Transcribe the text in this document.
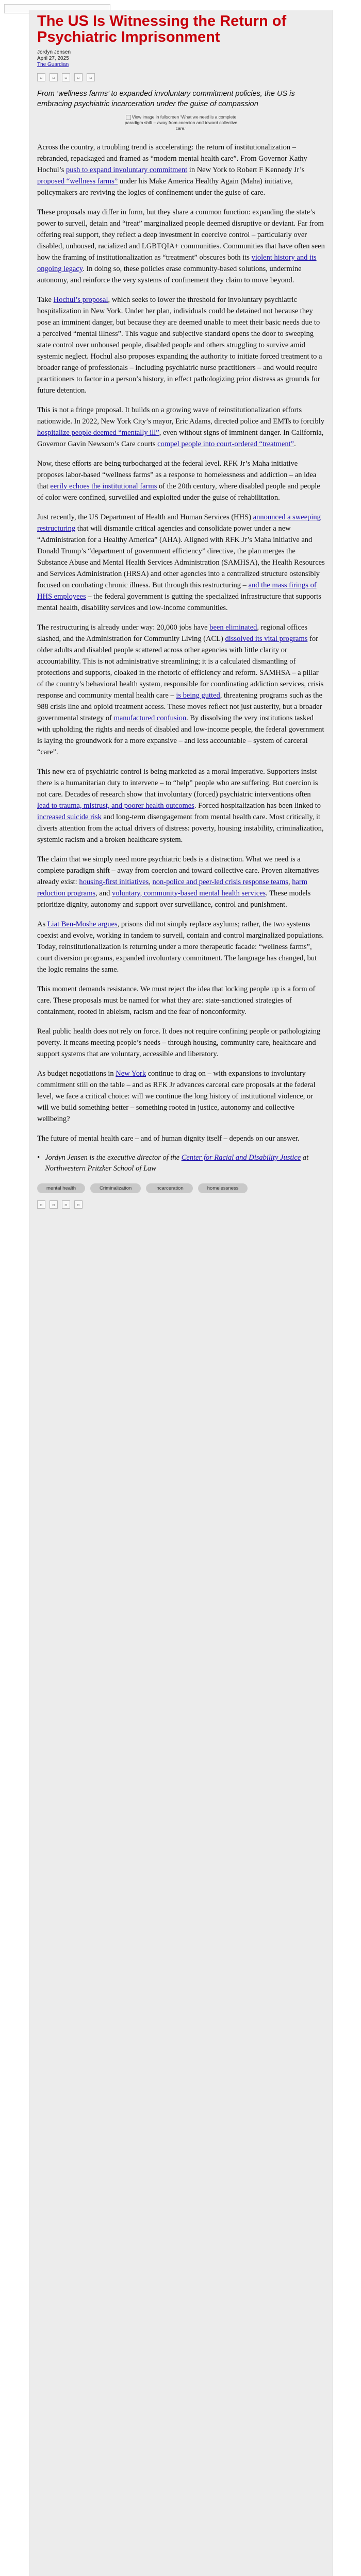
The US Is Witnessing the Return of Psychiatric Imprisonment
Jordyn Jensen
April 27, 2025
The Guardian
▫	▫	▫	▫	▫

From ‘wellness farms’ to expanded involuntary commitment policies, the US is embracing psychiatric incarceration under the guise of compassion

View image in fullscreen ‘What we need is a complete paradigm shift – away from coercion and toward collective care.’

Across the country, a troubling trend is accelerating: the return of institutionalization – rebranded, repackaged and framed as “modern mental health care”. From Governor Kathy Hochul’s push to expand involuntary commitment in New York to Robert F Kennedy Jr’s proposed “wellness farms” under his Make America Healthy Again (Maha) initiative, policymakers are reviving the logics of confinement under the guise of care.

These proposals may differ in form, but they share a common function: expanding the state’s power to surveil, detain and “treat” marginalized people deemed disruptive or deviant. Far from offering real support, they reflect a deep investment in coercive control – particularly over disabled, unhoused, racialized and LGBTQIA+ communities. Communities that have often seen how the framing of institutionalization as “treatment” obscures both its violent history and its ongoing legacy. In doing so, these policies erase community-based solutions, undermine autonomy, and reinforce the very systems of confinement they claim to move beyond.

Take Hochul’s proposal, which seeks to lower the threshold for involuntary psychiatric hospitalization in New York. Under her plan, individuals could be detained not because they pose an imminent danger, but because they are deemed unable to meet their basic needs due to a perceived “mental illness”. This vague and subjective standard opens the door to sweeping state control over unhoused people, disabled people and others struggling to survive amid systemic neglect. Hochul also proposes expanding the authority to initiate forced treatment to a broader range of professionals – including psychiatric nurse practitioners – and would require practitioners to factor in a person’s history, in effect pathologizing prior distress as grounds for future detention.

This is not a fringe proposal. It builds on a growing wave of reinstitutionalization efforts nationwide. In 2022, New York City’s mayor, Eric Adams, directed police and EMTs to forcibly hospitalize people deemed “mentally ill”, even without signs of imminent danger. In California, Governor Gavin Newsom’s Care courts compel people into court-ordered “treatment”.

Now, these efforts are being turbocharged at the federal level. RFK Jr’s Maha initiative proposes labor-based “wellness farms” as a response to homelessness and addiction – an idea that eerily echoes the institutional farms of the 20th century, where disabled people and people of color were confined, surveilled and exploited under the guise of rehabilitation.

Just recently, the US Department of Health and Human Services (HHS) announced a sweeping restructuring that will dismantle critical agencies and consolidate power under a new “Administration for a Healthy America” (AHA). Aligned with RFK Jr’s Maha initiative and Donald Trump’s “department of government efficiency” directive, the plan merges the Substance Abuse and Mental Health Services Administration (SAMHSA), the Health Resources and Services Administration (HRSA) and other agencies into a centralized structure ostensibly focused on combating chronic illness. But through this restructuring – and the mass firings of HHS employees – the federal government is gutting the specialized infrastructure that supports mental health, disability services and low-income communities.

The restructuring is already under way: 20,000 jobs have been eliminated, regional offices slashed, and the Administration for Community Living (ACL) dissolved its vital programs for older adults and disabled people scattered across other agencies with little clarity or accountability. This is not administrative streamlining; it is a calculated dismantling of protections and supports, cloaked in the rhetoric of efficiency and reform. SAMHSA – a pillar of the country’s behavioral health system, responsible for coordinating addiction services, crisis response and community mental health care – is being gutted, threatening programs such as the 988 crisis line and opioid treatment access. These moves reflect not just austerity, but a broader governmental strategy of manufactured confusion. By dissolving the very institutions tasked with upholding the rights and needs of disabled and low-income people, the federal government is laying the groundwork for a more expansive – and less accountable – system of carceral “care”.

This new era of psychiatric control is being marketed as a moral imperative. Supporters insist there is a humanitarian duty to intervene – to “help” people who are suffering. But coercion is not care. Decades of research show that involuntary (forced) psychiatric interventions often lead to trauma, mistrust, and poorer health outcomes. Forced hospitalization has been linked to increased suicide risk and long-term disengagement from mental health care. Most critically, it diverts attention from the actual drivers of distress: poverty, housing instability, criminalization, systemic racism and a broken healthcare system.

The claim that we simply need more psychiatric beds is a distraction. What we need is a complete paradigm shift – away from coercion and toward collective care. Proven alternatives already exist: housing-first initiatives, non-police and peer-led crisis response teams, harm reduction programs, and voluntary, community-based mental health services. These models prioritize dignity, autonomy and support over surveillance, control and punishment.

As Liat Ben-Moshe argues, prisons did not simply replace asylums; rather, the two systems coexist and evolve, working in tandem to surveil, contain and control marginalized populations. Today, reinstitutionalization is returning under a more therapeutic facade: “wellness farms”, court diversion programs, expanded involuntary commitment. The language has changed, but the logic remains the same.

This moment demands resistance. We must reject the idea that locking people up is a form of care. These proposals must be named for what they are: state-sanctioned strategies of containment, rooted in ableism, racism and the fear of nonconformity.

Real public health does not rely on force. It does not require confining people or pathologizing poverty. It means meeting people’s needs – through housing, community care, healthcare and support systems that are voluntary, accessible and liberatory.

As budget negotiations in New York continue to drag on – with expansions to involuntary commitment still on the table – and as RFK Jr advances carceral care proposals at the federal level, we face a critical choice: will we continue the long history of institutional violence, or will we build something better – something rooted in justice, autonomy and collective wellbeing?

The future of mental health care – and of human dignity itself – depends on our answer.

• Jordyn Jensen is the executive director of the Center for Racial and Disability Justice at Northwestern Pritzker School of Law
mental health	Criminalization	incarceration	homelessness
▫	▫	▫	▫
